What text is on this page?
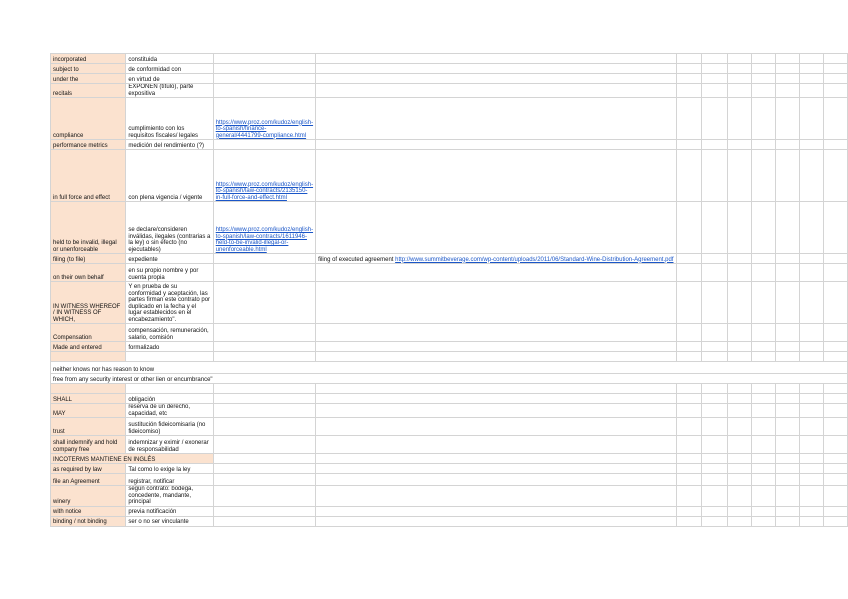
incorporated	constituida									
subject to	de conformidad con									
under the	en virtud de									
recitals	EXPONEN (título), parte expositiva									
compliance	cumplimiento con los requisitos fiscales/ legales	https://www.proz.com/kudoz/english-to-spanish/finance-general/4441799-compliance.html								
performance metrics	medición del rendimiento (?)									
in full force and effect	con plena vigencia / vigente	https://www.proz.com/kudoz/english-to-spanish/law-contracts/2135150-in-full-force-and-effect.html								
held to be invalid, illegal or unenforceable	se declare/consideren inválidas, ilegales (contrarias a la ley) o sin efecto (no ejecutables)	https://www.proz.com/kudoz/english-to-spanish/law-contracts/1611946-held-to-be-invalid-illegal-or-unenforceable.html								
filing (to file)	expediente		filing of executed agreement http://www.summitbeverage.com/wp-content/uploads/2011/06/Standard-Wine-Distribution-Agreement.pdf							
on their own behalf	en su propio nombre y por cuenta propia									
IN WITNESS WHEREOF / IN WITNESS OF WHICH,	Y en prueba de su conformidad y aceptación, las partes firman este contrato por duplicado en la fecha y el lugar establecidos en el encabezamiento".									
Compensation	compensación, remuneración, salario, comisión									
Made and entered	formalizado									

neither knows nor has reason to know										
free from any security interest or other lien or encumbrance"										

SHALL	obligación									
MAY	reserva de un derecho, capacidad, etc									
trust	sustitución fideicomisaria (no fideicomiso)									
shall indemnify and hold company free	indemnizar y eximir / exonerar de responsabilidad									
INCOTERMS MANTIENE EN INGLÉS										
as required by law	Tal como lo exige la ley									
file an Agreement	registrar, notificar									
winery	según contrato: bodega, concedente, mandante, principal									
with notice	previa notificación									
binding / not binding	ser o no ser vinculante									
